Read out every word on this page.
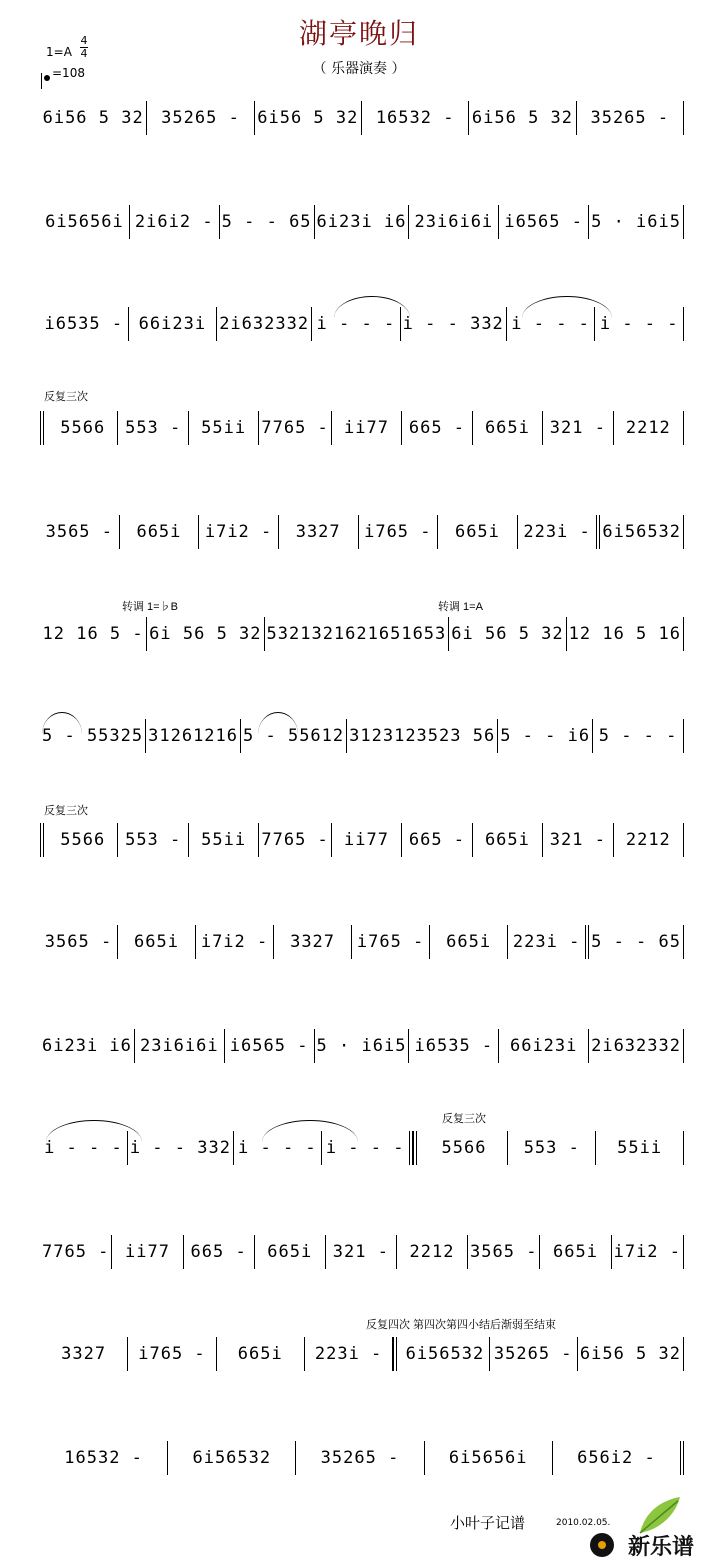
湖亭晚归
（ 乐器演奏 ）
1=A
4
4
=108
反复三次
转调 1=♭B	转调 1=A
反复三次
反复三次
反复四次 第四次第四小结后渐弱至结束
6i56 5 32	35265 -	6i56 5 32	16532 -	6i56 5 32	35265 -
6i5656i 2i6i2 - 5 - - 65 6i23i i6 23i6i6i i6565 - 5 · i6i5
i6535 - 66i23i 2i632332 i - - - i - - 332 i - - - i - - -
5566	553 -	55ii 7765 - ii77	665 -	665i	321 -	2212
3565 -	665i	i7i2 -	3327	i765 -	665i	223i - 6i56532
12 16 5 - 6i 56 5 32 5321321621651653 6i 56 5 32 12 16 5 16
5 - 55325 31261216 5 - 55612 3123123523 56 5 - - i6 5 - - -
5566	553 -	55ii 7765 - ii77	665 -	665i	321 -	2212
3565 -	665i	i7i2 -	3327	i765 -	665i	223i - 5 - - 65
6i23i i6 23i6i6i i6565 - 5 · i6i5 i6535 - 66i23i 2i632332
i - - - i - - 332 i - - - i - - -	5566	553 -	55ii
7765 - ii77	665 -	665i	321 -	2212 3565 - 665i i7i2 -
3327	i765 -	665i	223i -	6i56532 35265 - 6i56 5 32
16532 -	6i56532	35265 -	6i5656i	656i2 -
小叶子记谱	2010.02.05.
新乐谱
